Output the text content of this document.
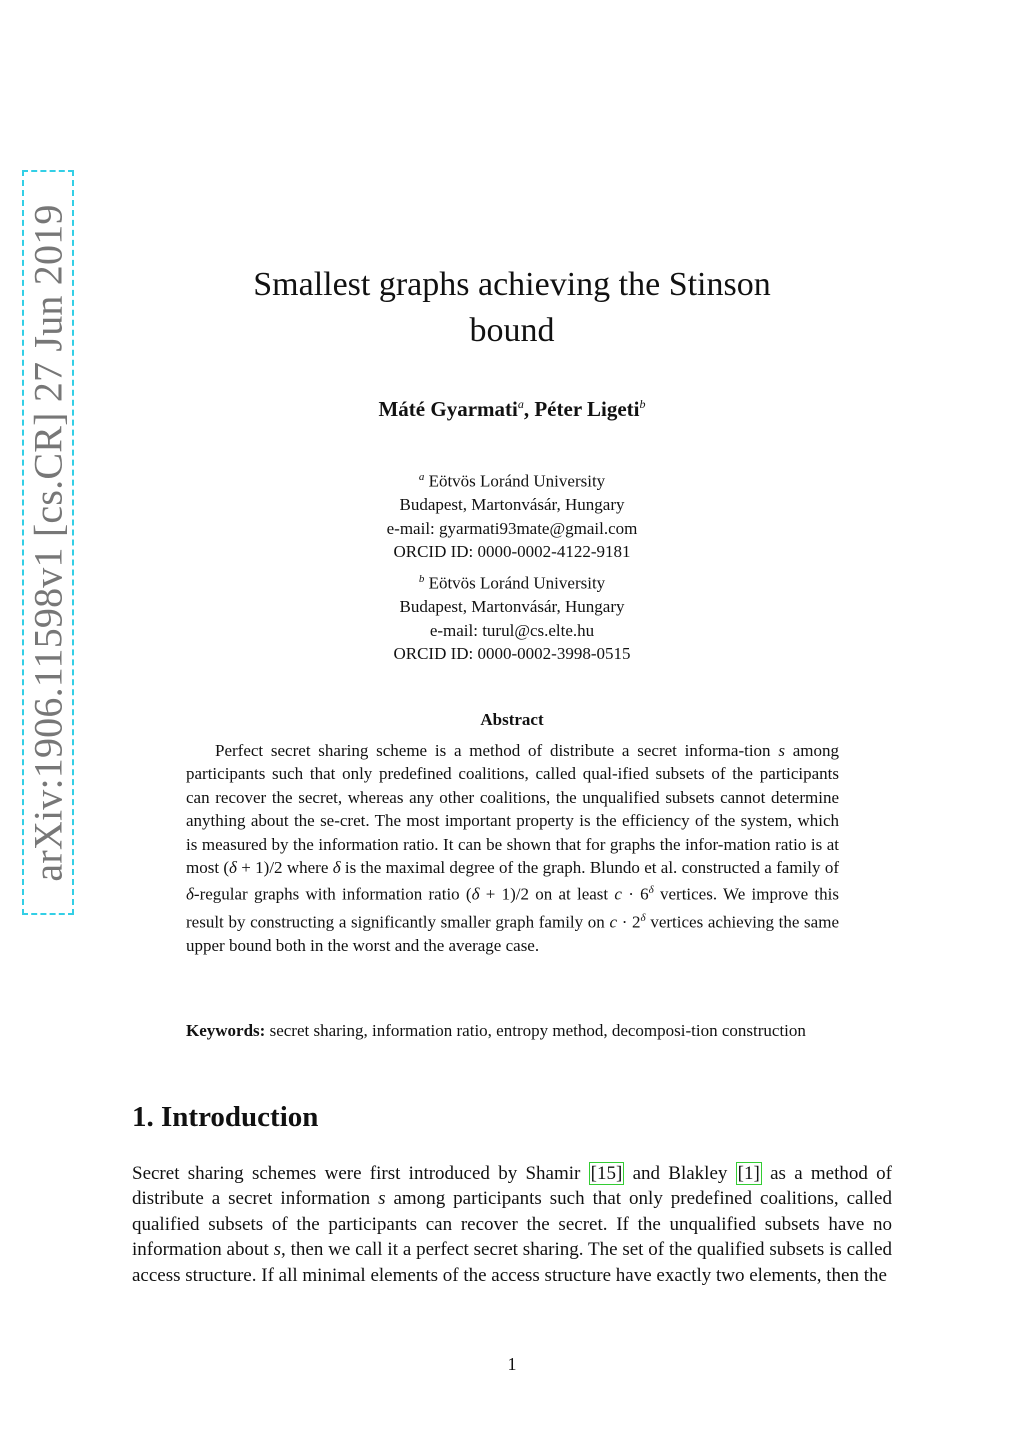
arXiv:1906.11598v1 [cs.CR] 27 Jun 2019	Smallest graphs achieving the Stinson
bound
Máté Gyarmati$^a$, Péter Ligeti$^b$
$^a$ Eötvös Loránd University
Budapest, Martonvásár, Hungary
e-mail: gyarmati93mate@gmail.com
ORCID ID: 0000-0002-4122-9181
$^b$ Eötvös Loránd University
Budapest, Martonvásár, Hungary
e-mail: turul@cs.elte.hu
ORCID ID: 0000-0002-3998-0515
Abstract

Perfect secret sharing scheme is a method of distribute a secret informa-tion s among participants such that only predefined coalitions, called qual-ified subsets of the participants can recover the secret, whereas any other coalitions, the unqualified subsets cannot determine anything about the se-cret. The most important property is the efficiency of the system, which is measured by the information ratio. It can be shown that for graphs the infor-mation ratio is at most (δ + 1)/2 where δ is the maximal degree of the graph. Blundo et al. constructed a family of δ-regular graphs with information ratio (δ + 1)/2 on at least $c \cdot 6^\delta$ vertices. We improve this result by constructing a significantly smaller graph family on $c \cdot 2^\delta$ vertices achieving the same upper bound both in the worst and the average case.

Keywords: secret sharing, information ratio, entropy method, decomposi-tion construction

1. Introduction

Secret sharing schemes were first introduced by Shamir [15] and Blakley [1] as a method of distribute a secret information s among participants such that only predefined coalitions, called qualified subsets of the participants can recover the secret. If the unqualified subsets have no information about s, then we call it a perfect secret sharing. The set of the qualified subsets is called access structure. If all minimal elements of the access structure have exactly two elements, then the

1
